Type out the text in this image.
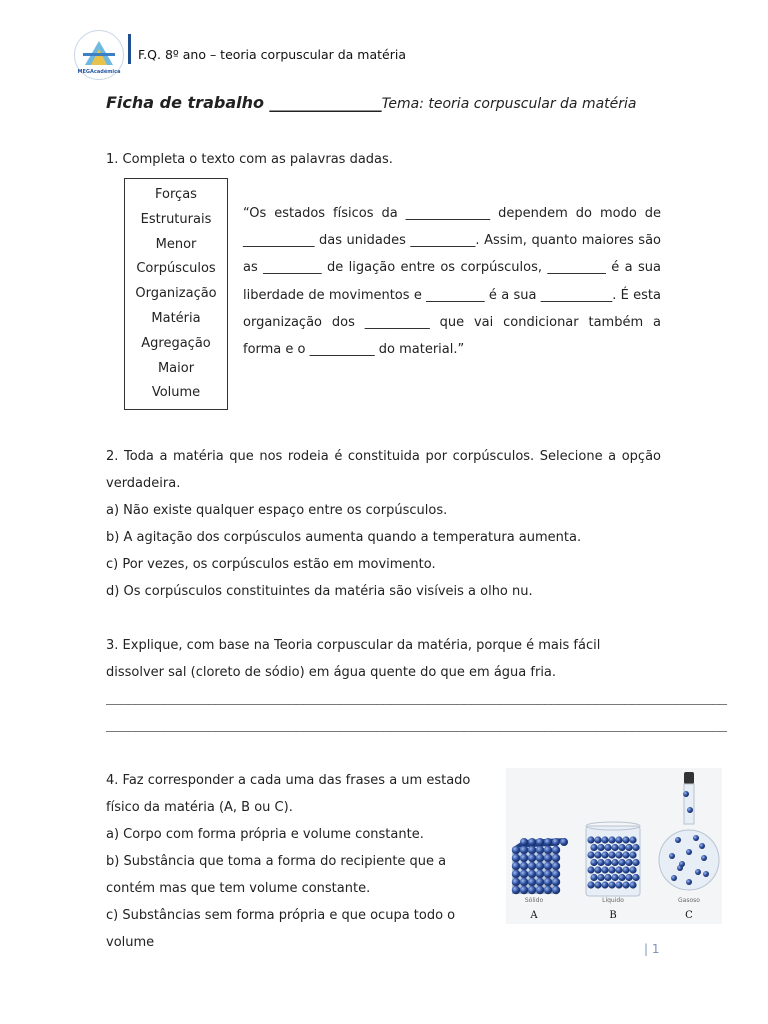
MEGAcadémica
F.Q. 8º ano – teoria corpuscular da matéria
Ficha de trabalho ______________Tema: teoria corpuscular da matéria
1. Completa o texto com as palavras dadas.
Forças
Estruturais
Menor
Corpúsculos
Organização
Matéria
Agregação
Maior
Volume
“Os estados físicos da _____________ dependem do modo de ___________ das unidades __________. Assim, quanto maiores são as _________ de ligação entre os corpúsculos, _________ é a sua liberdade de movimentos e _________ é a sua ___________. É esta organização dos __________ que vai condicionar também a forma e o __________ do material.”
2. Toda a matéria que nos rodeia é constituida por corpúsculos. Selecione a opção verdadeira.
a) Não existe qualquer espaço entre os corpúsculos.
b) A agitação dos corpúsculos aumenta quando a temperatura aumenta.
c) Por vezes, os corpúsculos estão em movimento.
d) Os corpúsculos constituintes da matéria são visíveis a olho nu.
3. Explique, com base na Teoria corpuscular da matéria, porque é mais fácil dissolver sal (cloreto de sódio) em água quente do que em água fria.
_____________________________________________________________________________________
_____________________________________________________________________________________
4. Faz corresponder a cada uma das frases a um estado físico da matéria (A, B ou C).
a) Corpo com forma própria e volume constante.
b) Substância que toma a forma do recipiente que a contém mas que tem volume constante.
c) Substâncias sem forma própria e que ocupa todo o volume
Sólido	Líquido	Gasoso
A	B	C
| 1
